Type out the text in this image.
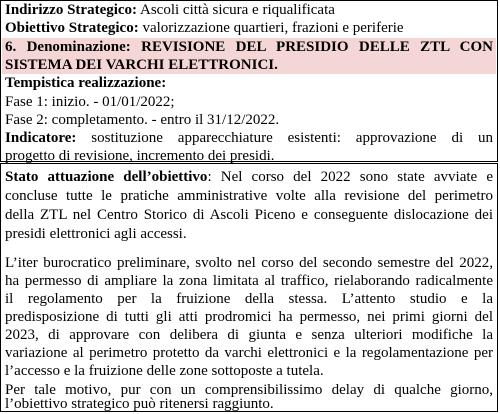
Indirizzo Strategico: Ascoli città sicura e riqualificata
Obiettivo Strategico: valorizzazione quartieri, frazioni e periferie
6. Denominazione: REVISIONE DEL PRESIDIO DELLE ZTL CON
SISTEMA DEI VARCHI ELETTRONICI.
Tempistica realizzazione:
Fase 1: inizio. - 01/01/2022;
Fase 2: completamento. - entro il 31/12/2022.
Indicatore: sostituzione apparecchiature esistenti: approvazione di un
progetto di revisione, incremento dei presidi.
Stato attuazione dell’obiettivo: Nel corso del 2022 sono state avviate e
concluse tutte le pratiche amministrative volte alla revisione del perimetro
della ZTL nel Centro Storico di Ascoli Piceno e conseguente dislocazione dei
presidi elettronici agli accessi.
L’iter burocratico preliminare, svolto nel corso del secondo semestre del 2022,
ha permesso di ampliare la zona limitata al traffico, rielaborando radicalmente
il regolamento per la fruizione della stessa. L’attento studio e la
predisposizione di tutti gli atti prodromici ha permesso, nei primi giorni del
2023, di approvare con delibera di giunta e senza ulteriori modifiche la
variazione al perimetro protetto da varchi elettronici e la regolamentazione per
l’accesso e la fruizione delle zone sottoposte a tutela.
Per tale motivo, pur con un comprensibilissimo delay di qualche giorno,
l’obiettivo strategico può ritenersi raggiunto.
